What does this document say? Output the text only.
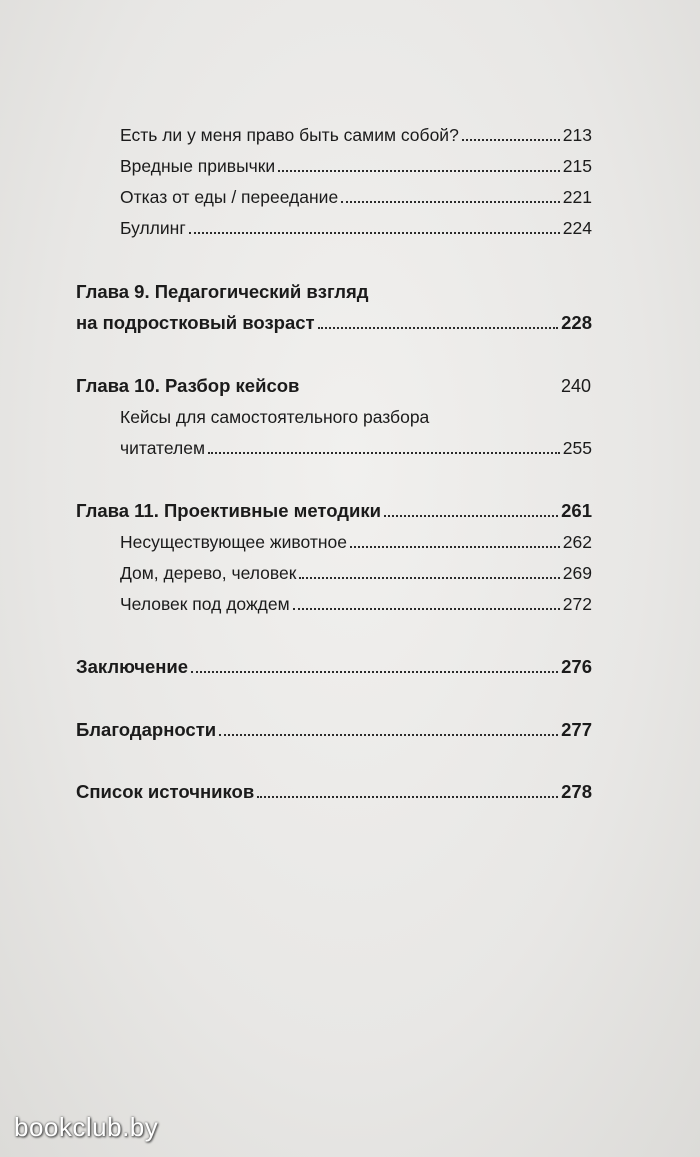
Есть ли у меня право быть самим собой?	213
Вредные привычки	215
Отказ от еды / переедание	221
Буллинг	224
Глава 9. Педагогический взгляд
на подростковый возраст	228
Глава 10. Разбор кейсов	240
Кейсы для самостоятельного разбора
читателем	255
Глава 11. Проективные методики	261
Несуществующее животное	262
Дом, дерево, человек	269
Человек под дождем	272
Заключение	276
Благодарности	277
Список источников	278
bookclub.by
